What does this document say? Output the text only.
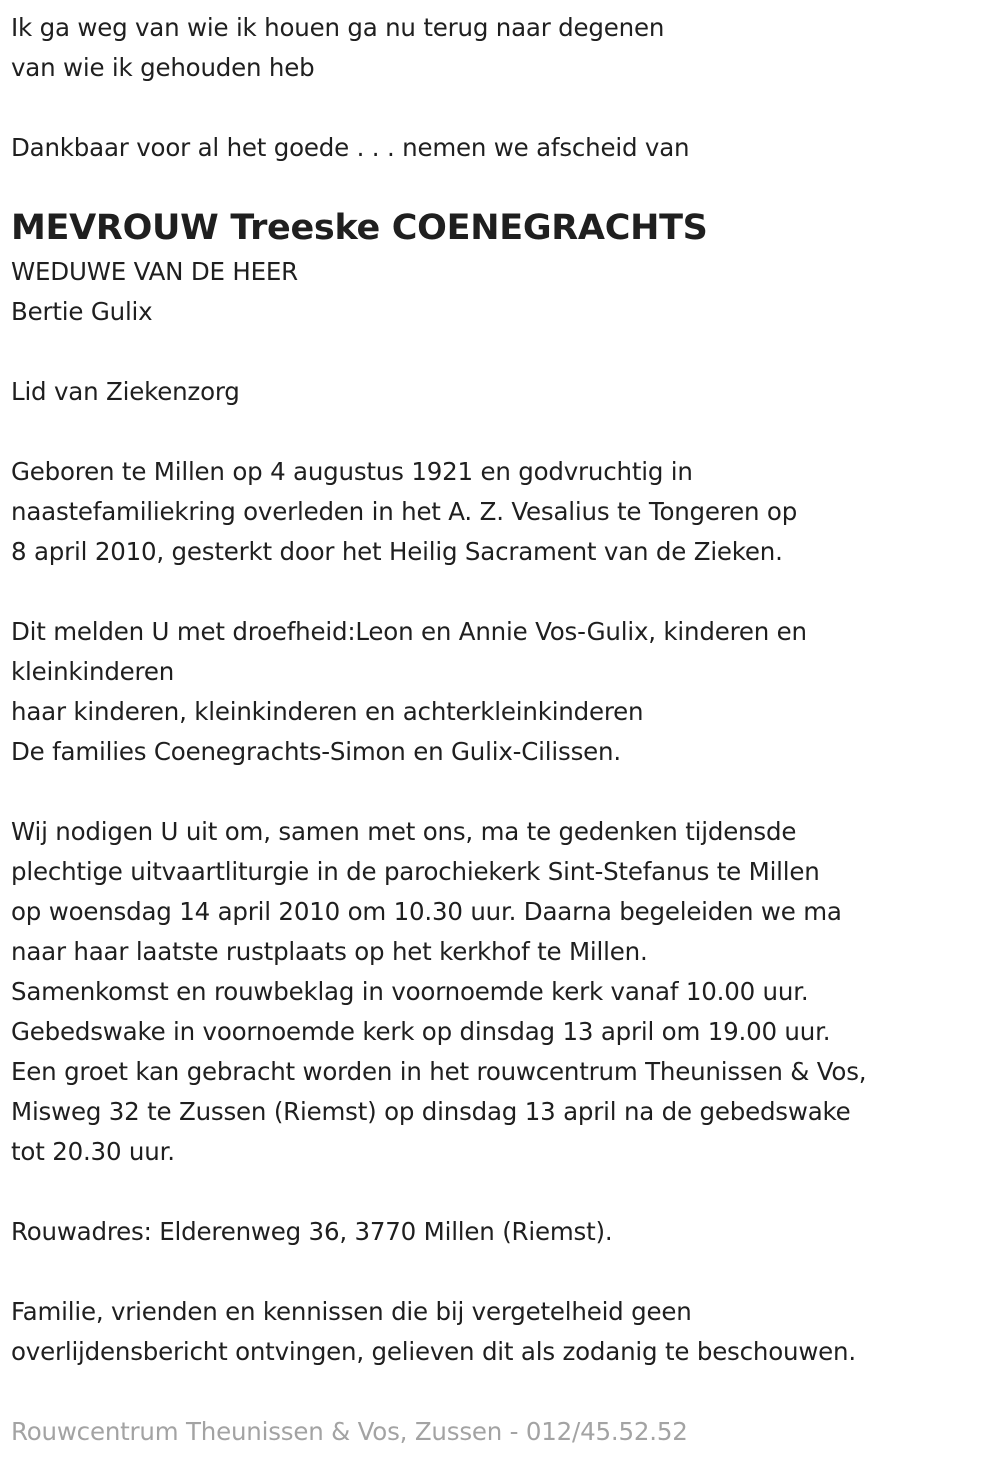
Ik ga weg van wie ik houen ga nu terug naar degenen
van wie ik gehouden heb
Dankbaar voor al het goede . . . nemen we afscheid van
MEVROUW Treeske COENEGRACHTS
WEDUWE VAN DE HEER
Bertie Gulix
Lid van Ziekenzorg
Geboren te Millen op 4 augustus 1921 en godvruchtig in
naastefamiliekring overleden in het A. Z. Vesalius te Tongeren op
8 april 2010, gesterkt door het Heilig Sacrament van de Zieken.
Dit melden U met droefheid:Leon en Annie Vos-Gulix, kinderen en
kleinkinderen
haar kinderen, kleinkinderen en achterkleinkinderen
De families Coenegrachts-Simon en Gulix-Cilissen.
Wij nodigen U uit om, samen met ons, ma te gedenken tijdensde
plechtige uitvaartliturgie in de parochiekerk Sint-Stefanus te Millen
op woensdag 14 april 2010 om 10.30 uur. Daarna begeleiden we ma
naar haar laatste rustplaats op het kerkhof te Millen.
Samenkomst en rouwbeklag in voornoemde kerk vanaf 10.00 uur.
Gebedswake in voornoemde kerk op dinsdag 13 april om 19.00 uur.
Een groet kan gebracht worden in het rouwcentrum Theunissen & Vos,
Misweg 32 te Zussen (Riemst) op dinsdag 13 april na de gebedswake
tot 20.30 uur.
Rouwadres: Elderenweg 36, 3770 Millen (Riemst).
Familie, vrienden en kennissen die bij vergetelheid geen
overlijdensbericht ontvingen, gelieven dit als zodanig te beschouwen.
Rouwcentrum Theunissen & Vos, Zussen - 012/45.52.52
